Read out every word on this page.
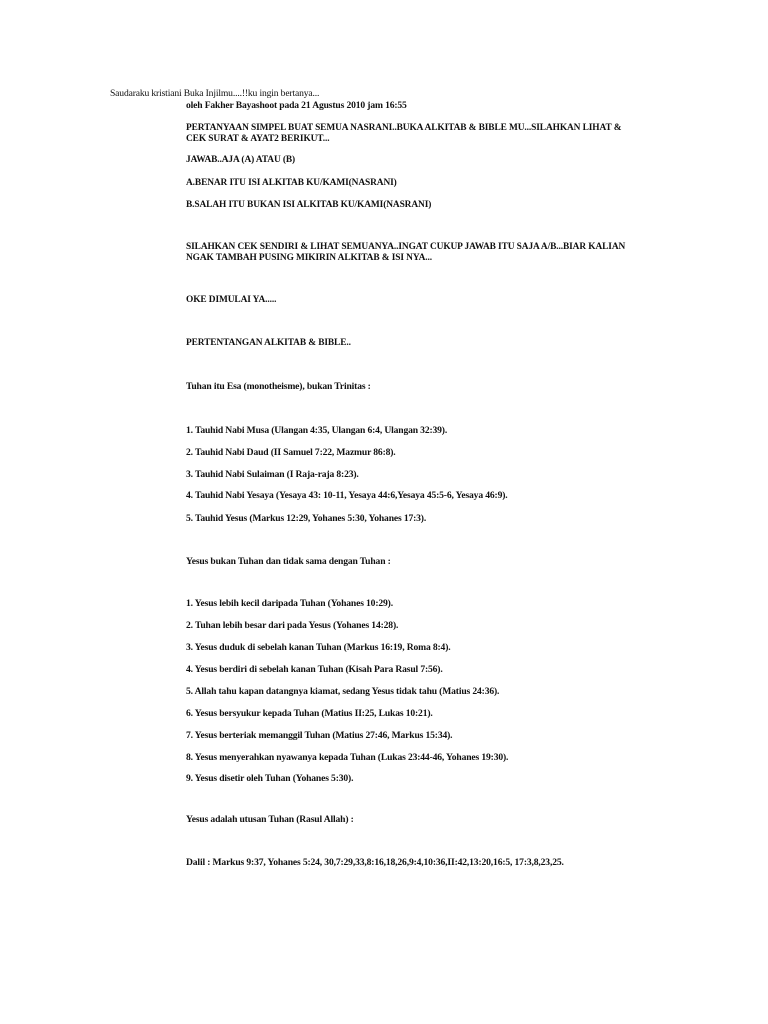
Saudaraku kristiani Buka Injilmu....!!ku ingin bertanya...
oleh Fakher Bayashoot pada 21 Agustus 2010 jam 16:55
PERTANYAAN SIMPEL BUAT SEMUA NASRANI..BUKA ALKITAB & BIBLE MU...SILAHKAN LIHAT &
CEK SURAT & AYAT2 BERIKUT...
JAWAB..AJA (A) ATAU (B)
A.BENAR ITU ISI ALKITAB KU/KAMI(NASRANI)
B.SALAH ITU BUKAN ISI ALKITAB KU/KAMI(NASRANI)
SILAHKAN CEK SENDIRI & LIHAT SEMUANYA..INGAT CUKUP JAWAB ITU SAJA A/B...BIAR KALIAN
NGAK TAMBAH PUSING MIKIRIN ALKITAB & ISI NYA...
OKE DIMULAI YA.....
PERTENTANGAN ALKITAB & BIBLE..
Tuhan itu Esa (monotheisme), bukan Trinitas :
1. Tauhid Nabi Musa (Ulangan 4:35, Ulangan 6:4, Ulangan 32:39).
2. Tauhid Nabi Daud (II Samuel 7:22, Mazmur 86:8).
3. Tauhid Nabi Sulaiman (I Raja-raja 8:23).
4. Tauhid Nabi Yesaya (Yesaya 43: 10-11, Yesaya 44:6,Yesaya 45:5-6, Yesaya 46:9).
5. Tauhid Yesus (Markus 12:29, Yohanes 5:30, Yohanes 17:3).
Yesus bukan Tuhan dan tidak sama dengan Tuhan :
1. Yesus lebih kecil daripada Tuhan (Yohanes 10:29).
2. Tuhan lebih besar dari pada Yesus (Yohanes 14:28).
3. Yesus duduk di sebelah kanan Tuhan (Markus 16:19, Roma 8:4).
4. Yesus berdiri di sebelah kanan Tuhan (Kisah Para Rasul 7:56).
5. Allah tahu kapan datangnya kiamat, sedang Yesus tidak tahu (Matius 24:36).
6. Yesus bersyukur kepada Tuhan (Matius II:25, Lukas 10:21).
7. Yesus berteriak memanggil Tuhan (Matius 27:46, Markus 15:34).
8. Yesus menyerahkan nyawanya kepada Tuhan (Lukas 23:44-46, Yohanes 19:30).
9. Yesus disetir oleh Tuhan (Yohanes 5:30).
Yesus adalah utusan Tuhan (Rasul Allah) :
Dalil : Markus 9:37, Yohanes 5:24, 30,7:29,33,8:16,18,26,9:4,10:36,II:42,13:20,16:5, 17:3,8,23,25.
